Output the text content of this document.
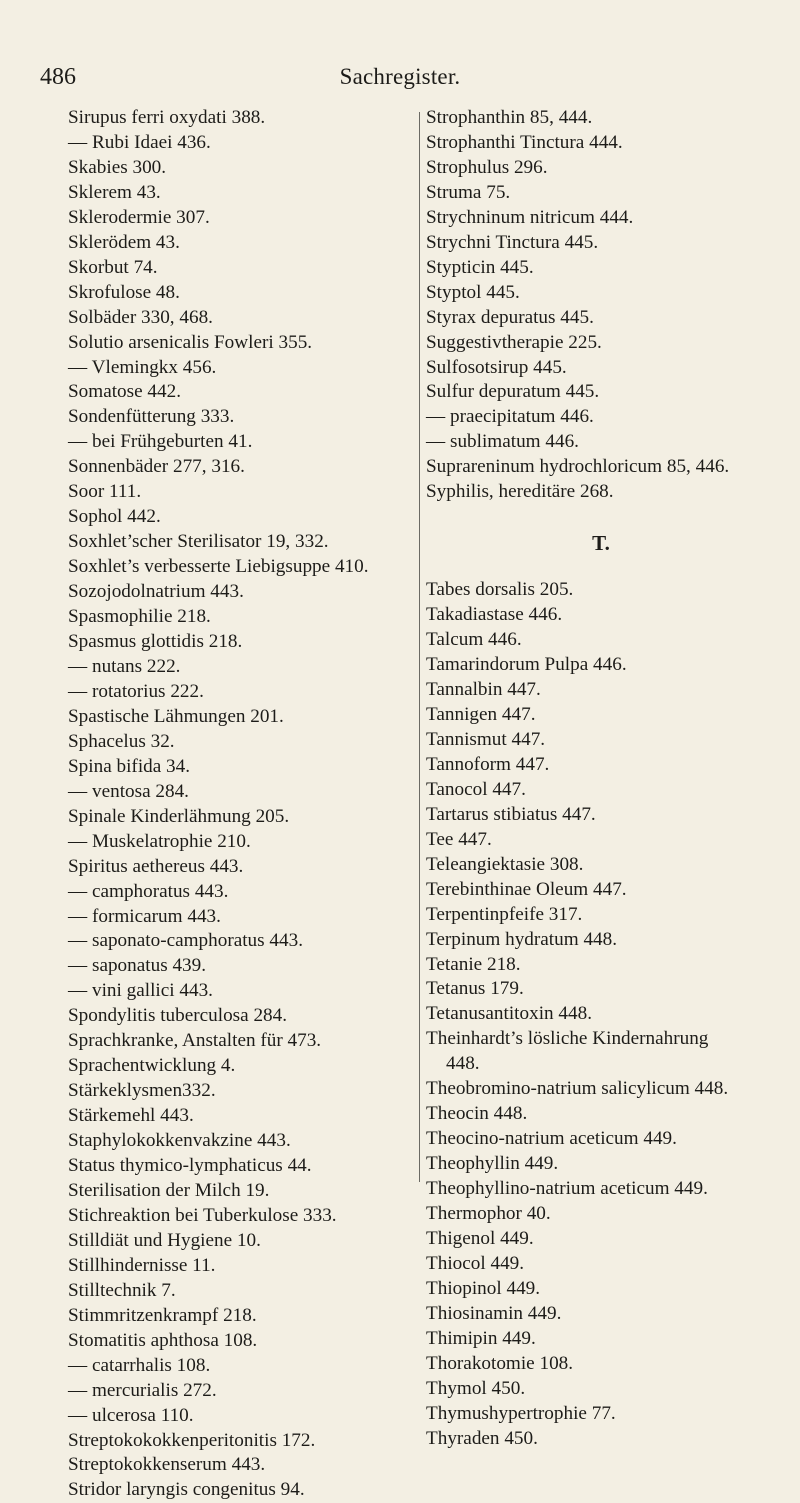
486	Sachregister.
Sirupus ferri oxydati 388.
— Rubi Idaei 436.
Skabies 300.
Sklerem 43.
Sklerodermie 307.
Sklerödem 43.
Skorbut 74.
Skrofulose 48.
Solbäder 330, 468.
Solutio arsenicalis Fowleri 355.
— Vlemingkx 456.
Somatose 442.
Sondenfütterung 333.
— bei Frühgeburten 41.
Sonnenbäder 277, 316.
Soor 111.
Sophol 442.
Soxhlet’scher Sterilisator 19, 332.
Soxhlet’s verbesserte Liebigsuppe 410.
Sozojodolnatrium 443.
Spasmophilie 218.
Spasmus glottidis 218.
— nutans 222.
— rotatorius 222.
Spastische Lähmungen 201.
Sphacelus 32.
Spina bifida 34.
— ventosa 284.
Spinale Kinderlähmung 205.
— Muskelatrophie 210.
Spiritus aethereus 443.
— camphoratus 443.
— formicarum 443.
— saponato-camphoratus 443.
— saponatus 439.
— vini gallici 443.
Spondylitis tuberculosa 284.
Sprachkranke, Anstalten für 473.
Sprachentwicklung 4.
Stärkeklysmen332.
Stärkemehl 443.
Staphylokokkenvakzine 443.
Status thymico-lymphaticus 44.
Sterilisation der Milch 19.
Stichreaktion bei Tuberkulose 333.
Stilldiät und Hygiene 10.
Stillhindernisse 11.
Stilltechnik 7.
Stimmritzenkrampf 218.
Stomatitis aphthosa 108.
— catarrhalis 108.
— mercurialis 272.
— ulcerosa 110.
Streptokokokkenperitonitis 172.
Streptokokkenserum 443.
Stridor laryngis congenitus 94.
Strophanthin 85, 444.
Strophanthi Tinctura 444.
Strophulus 296.
Struma 75.
Strychninum nitricum 444.
Strychni Tinctura 445.
Stypticin 445.
Styptol 445.
Styrax depuratus 445.
Suggestivtherapie 225.
Sulfosotsirup 445.
Sulfur depuratum 445.
— praecipitatum 446.
— sublimatum 446.
Suprareninum hydrochloricum 85, 446.
Syphilis, hereditäre 268.
T.
Tabes dorsalis 205.
Takadiastase 446.
Talcum 446.
Tamarindorum Pulpa 446.
Tannalbin 447.
Tannigen 447.
Tannismut 447.
Tannoform 447.
Tanocol 447.
Tartarus stibiatus 447.
Tee 447.
Teleangiektasie 308.
Terebinthinae Oleum 447.
Terpentinpfeife 317.
Terpinum hydratum 448.
Tetanie 218.
Tetanus 179.
Tetanusantitoxin 448.
Theinhardt’s lösliche Kindernahrung
448.
Theobromino-natrium salicylicum 448.
Theocin 448.
Theocino-natrium aceticum 449.
Theophyllin 449.
Theophyllino-natrium aceticum 449.
Thermophor 40.
Thigenol 449.
Thiocol 449.
Thiopinol 449.
Thiosinamin 449.
Thimipin 449.
Thorakotomie 108.
Thymol 450.
Thymushypertrophie 77.
Thyraden 450.
